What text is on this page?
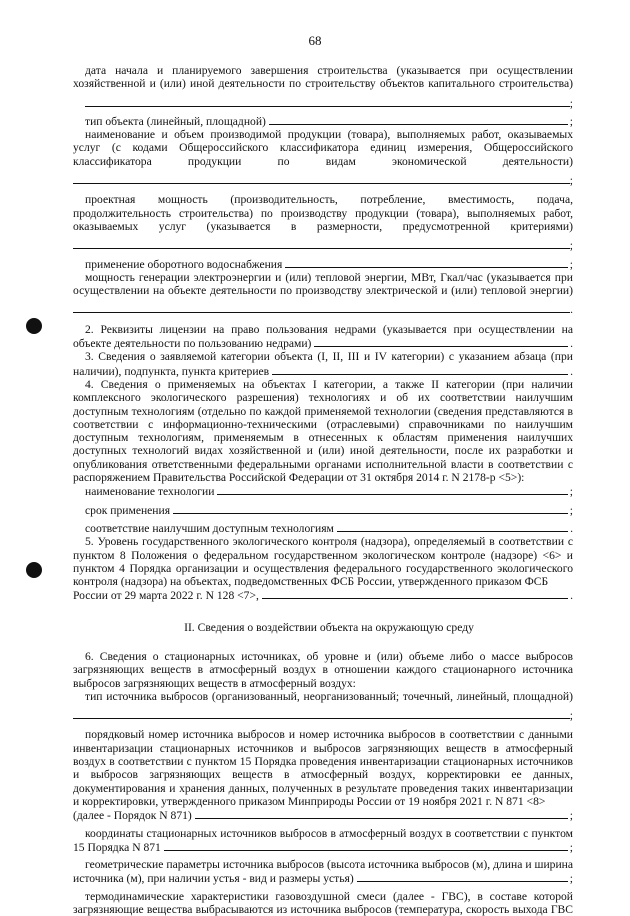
68
дата начала и планируемого завершения строительства (указывается при осуществлении
хозяйственной и (или) иной деятельности по строительству объектов капитального строительства)
;
тип объекта (линейный, площадной)	;
наименование и объем производимой продукции (товара), выполняемых работ, оказываемых
услуг (с кодами Общероссийского классификатора единиц измерения, Общероссийского
классификатора продукции по видам экономической деятельности)
;
проектная мощность (производительность, потребление, вместимость, подача,
продолжительность строительства) по производству продукции (товара), выполняемых работ,
оказываемых услуг (указывается в размерности, предусмотренной критериями)
;
применение оборотного водоснабжения	;
мощность генерации электроэнергии и (или) тепловой энергии, МВт, Гкал/час (указывается при
осуществлении на объекте деятельности по производству электрической и (или) тепловой энергии)
.
2. Реквизиты лицензии на право пользования недрами (указывается при осуществлении на
объекте деятельности по пользованию недрами)	.
3. Сведения о заявляемой категории объекта (I, II, III и IV категории) с указанием абзаца (при
наличии), подпункта, пункта критериев	.
4. Сведения о применяемых на объектах I категории, а также II категории (при наличии комплексного экологического разрешения) технологиях и об их соответствии наилучшим доступным технологиям (отдельно по каждой применяемой технологии (сведения представляются в соответствии с информационно-техническими (отраслевыми) справочниками по наилучшим доступным технологиям, применяемым в отнесенных к областям применения наилучших доступных технологий видах хозяйственной и (или) иной деятельности, после их разработки и опубликования ответственными федеральными органами исполнительной власти в соответствии с распоряжением Правительства Российской Федерации от 31 октября 2014 г. N 2178-р <5>):
наименование технологии	;
срок применения	;
соответствие наилучшим доступным технологиям	.
5. Уровень государственного экологического контроля (надзора), определяемый в соответствии с пунктом 8 Положения о федеральном государственном экологическом контроле (надзоре) <6> и пунктом 4 Порядка организации и осуществления федерального государственного экологического контроля (надзора) на объектах, подведомственных ФСБ России, утвержденного приказом ФСБ
России от 29 марта 2022 г. N 128 <7>,	.
II. Сведения о воздействии объекта на окружающую среду
6. Сведения о стационарных источниках, об уровне и (или) объеме либо о массе выбросов загрязняющих веществ в атмосферный воздух в отношении каждого стационарного источника выбросов загрязняющих веществ в атмосферный воздух:
тип источника выбросов (организованный, неорганизованный; точечный, линейный, площадной)
;
порядковый номер источника выбросов и номер источника выбросов в соответствии с данными инвентаризации стационарных источников и выбросов загрязняющих веществ в атмосферный воздух в соответствии с пунктом 15 Порядка проведения инвентаризации стационарных источников и выбросов загрязняющих веществ в атмосферный воздух, корректировки ее данных, документирования и хранения данных, полученных в результате проведения таких инвентаризации и корректировки, утвержденного приказом Минприроды России от 19 ноября 2021 г. N 871 <8>
(далее - Порядок N 871)	;
координаты стационарных источников выбросов в атмосферный воздух в соответствии с пунктом
15 Порядка N 871	;
геометрические параметры источника выбросов (высота источника выбросов (м), длина и ширина
источника (м), при наличии устья - вид и размеры устья)	;
термодинамические характеристики газовоздушной смеси (далее - ГВС), в составе которой
загрязняющие вещества выбрасываются из источника выбросов (температура, скорость выхода ГВС
